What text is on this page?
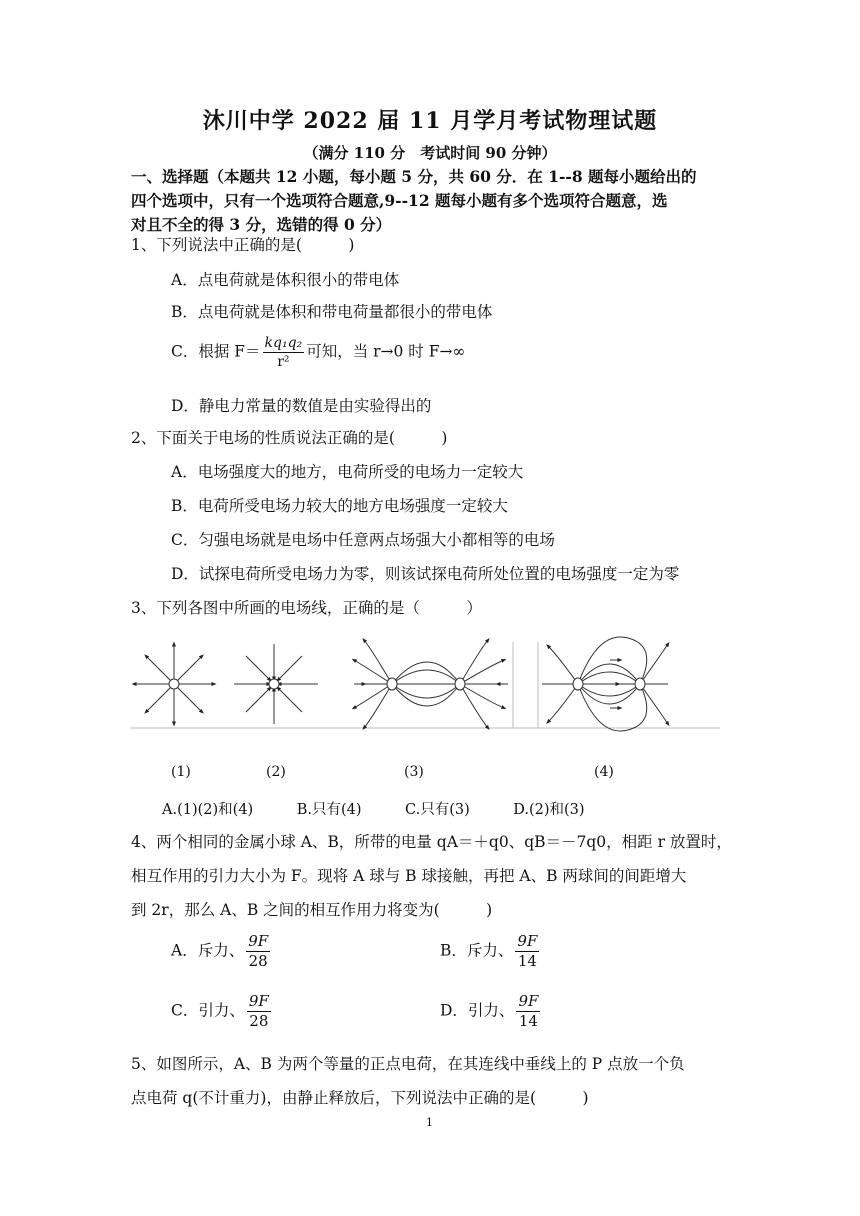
沐川中学 2022 届 11 月学月考试物理试题
（满分 110 分　考试时间 90 分钟）
一、选择题（本题共 12 小题，每小题 5 分，共 60 分．在 1--8 题每小题给出的
四个选项中，只有一个选项符合题意,9--12 题每小题有多个选项符合题意，选
对且不全的得 3 分，选错的得 0 分）
1、下列说法中正确的是(　　　)
A．点电荷就是体积很小的带电体
B．点电荷就是体积和带电荷量都很小的带电体
C．根据 $F= \frac{\text{kq₁q₂}}{\text{r²}}$ 可知，当 r→0 时 F→∞
D．静电力常量的数值是由实验得出的
2、下面关于电场的性质说法正确的是(　　　)
A．电场强度大的地方，电荷所受的电场力一定较大
B．电荷所受电场力较大的地方电场强度一定较大
C．匀强电场就是电场中任意两点场强大小都相等的电场
D．试探电荷所受电场力为零，则该试探电荷所处位置的电场强度一定为零
3、下列各图中所画的电场线，正确的是（　　　）
(1)	(2)	(3)	(4)
A.(1)(2)和(4)　　　B.只有(4)　　　C.只有(3)　　　D.(2)和(3)
4、两个相同的金属小球 A、B，所带的电量 qA＝＋q0、qB＝－7q0，相距 r 放置时，
相互作用的引力大小为 F。现将 A 球与 B 球接触，再把 A、B 两球间的间距增大
到 2r，那么 A、B 之间的相互作用力将变为(　　　)
A．斥力、 $\frac{9F}{28}$	B．斥力、 $\frac{9F}{14}$
C．引力、 $\frac{9F}{28}$	D．引力、 $\frac{9F}{14}$
5、如图所示，A、B 为两个等量的正点电荷，在其连线中垂线上的 P 点放一个负
点电荷 q(不计重力)，由静止释放后，下列说法中正确的是(　　　)
1
